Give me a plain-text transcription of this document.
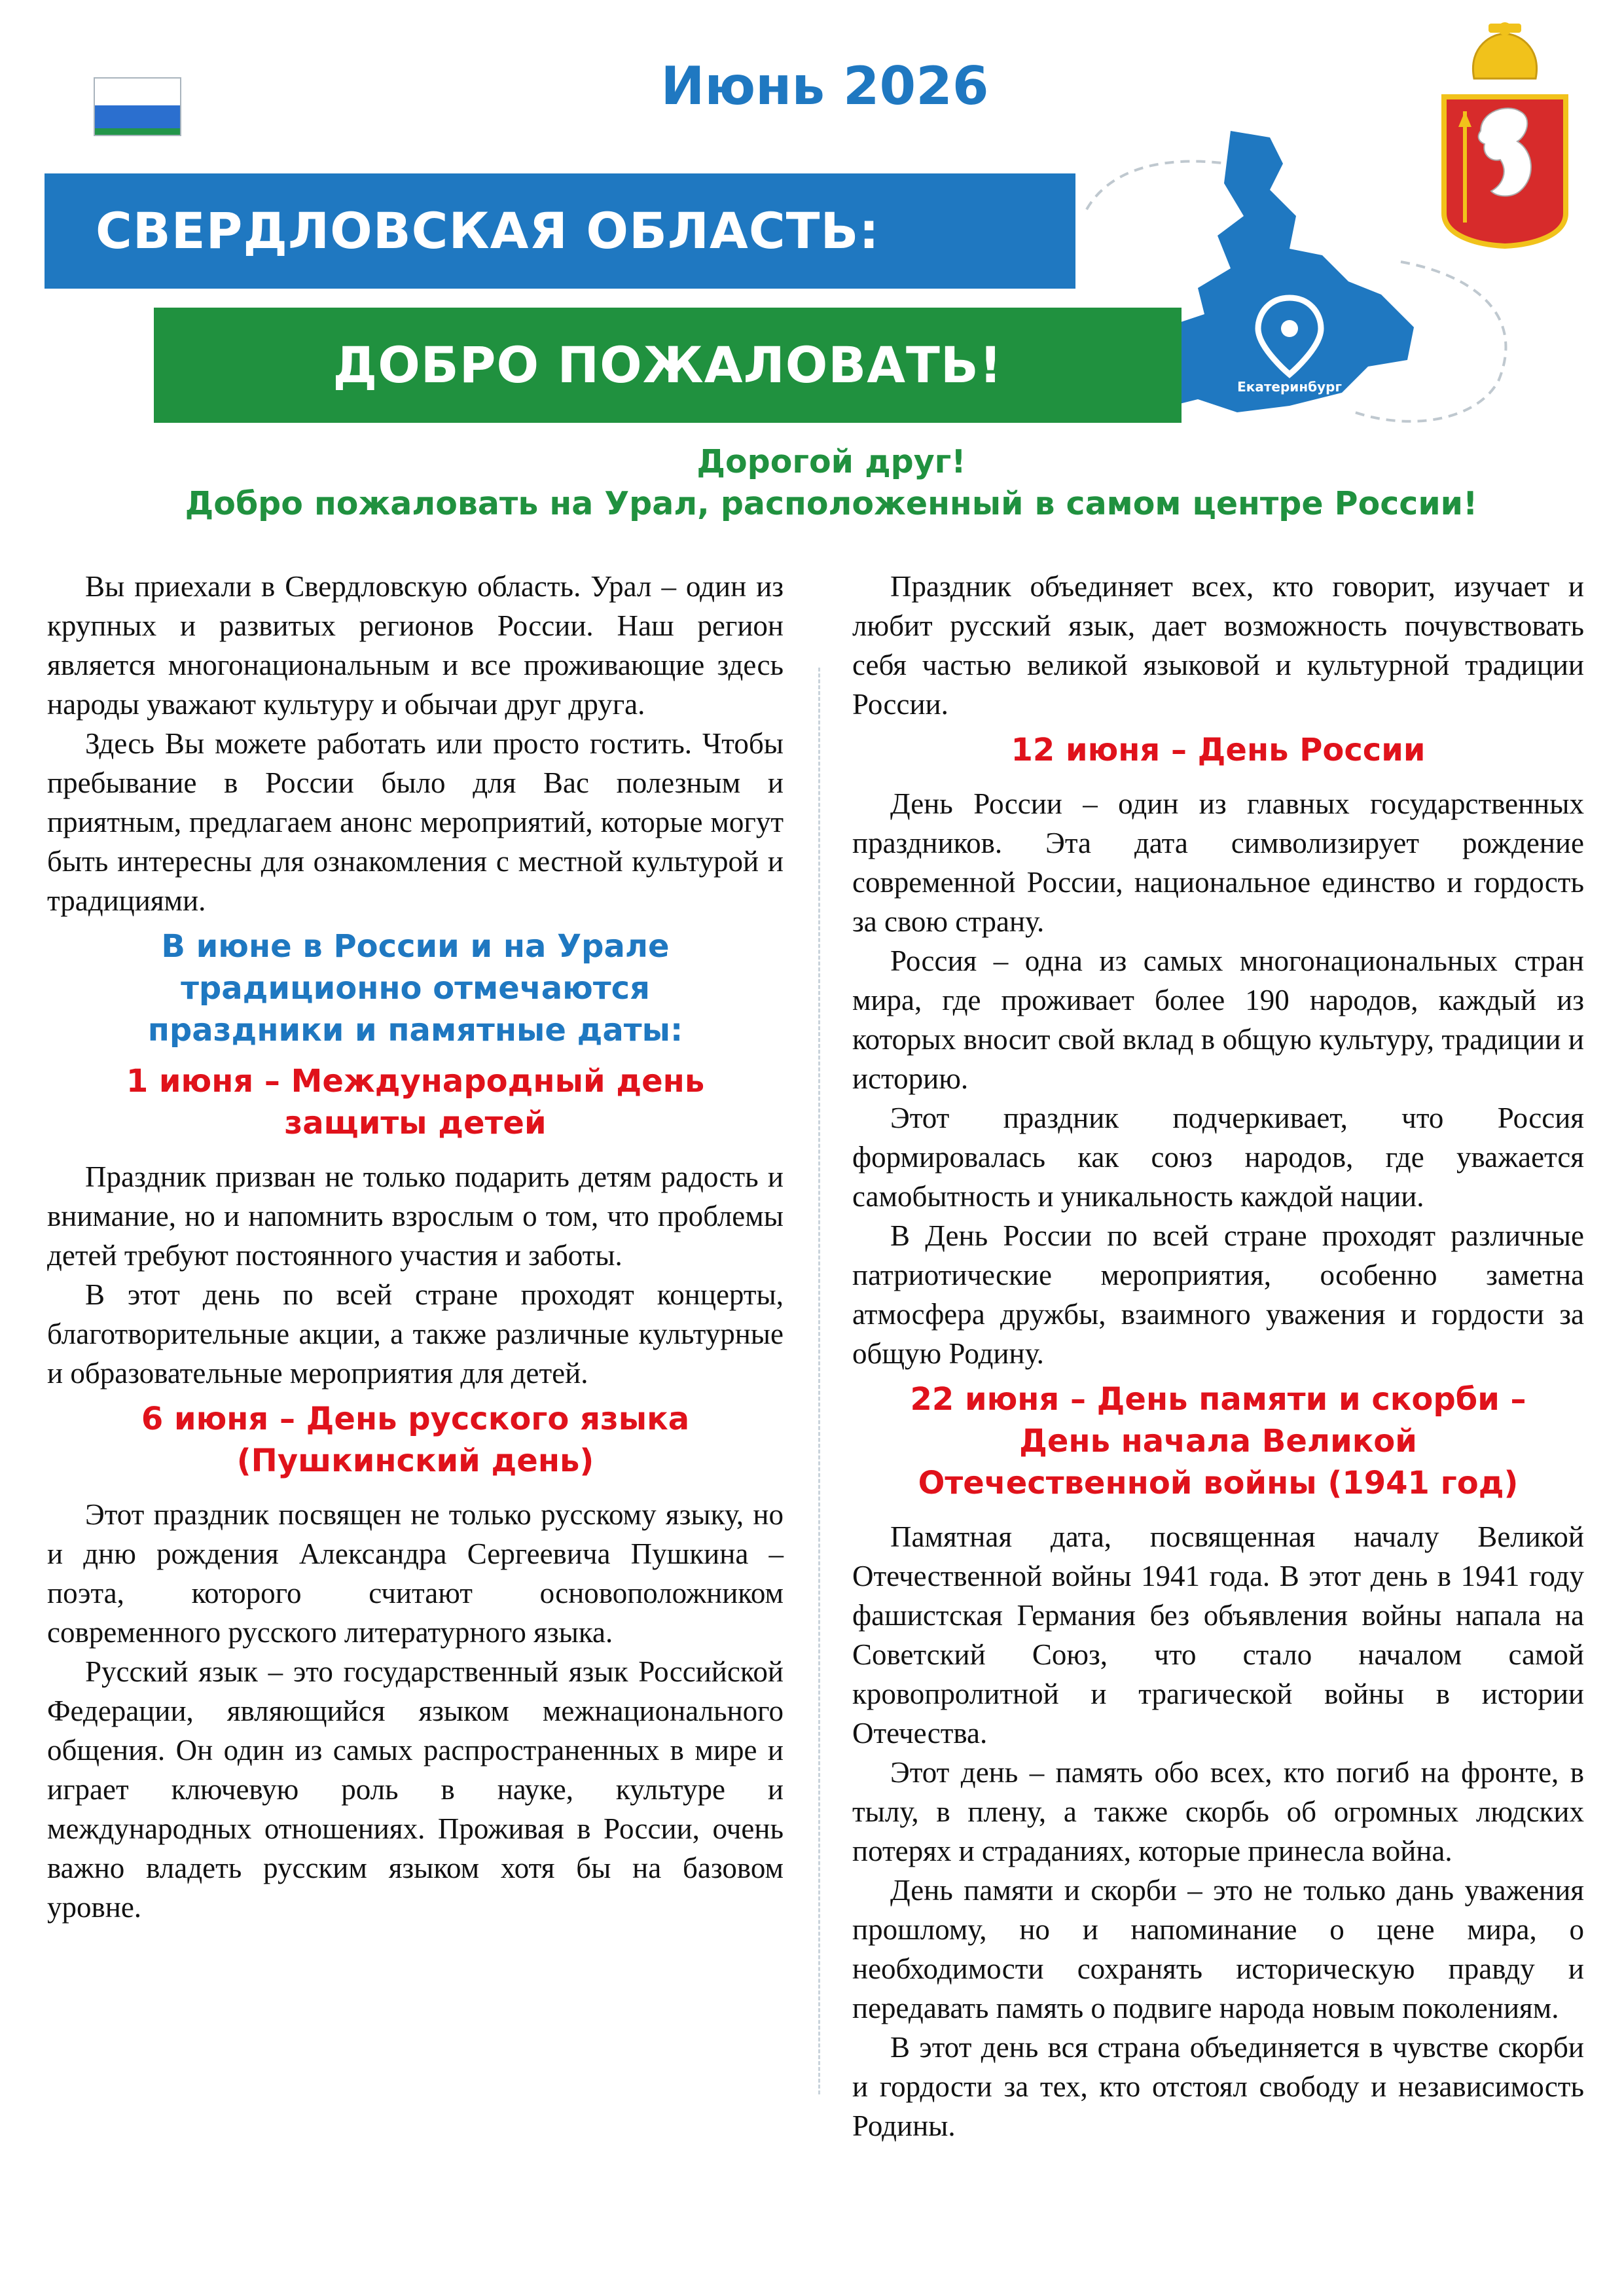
Июнь 2026
Екатеринбург
СВЕРДЛОВСКАЯ ОБЛАСТЬ:
ДОБРО ПОЖАЛОВАТЬ!
Дорогой друг!
Добро пожаловать на Урал, расположенный в самом центре России!

Вы приехали в Свердловскую область. Урал – один из крупных и развитых регионов России. Наш регион является многонациональным и все проживающие здесь народы уважают культуру и обычаи друг друга.

Здесь Вы можете работать или просто гостить. Чтобы пребывание в России было для Вас полезным и приятным, предлагаем анонс мероприятий, которые могут быть интересны для ознакомления с местной культурой и традициями.

В июне в России и на Урале
традиционно отмечаются
праздники и памятные даты:
1 июня – Международный день
защиты детей

Праздник призван не только подарить детям радость и внимание, но и напомнить взрослым о том, что проблемы детей требуют постоянного участия и заботы.

В этот день по всей стране проходят концерты, благотворительные акции, а также различные культурные и образовательные мероприятия для детей.

6 июня – День русского языка
(Пушкинский день)

Этот праздник посвящен не только русскому языку, но и дню рождения Александра Сергеевича Пушкина – поэта, которого считают основоположником современного русского литературного языка.

Русский язык – это государственный язык Российской Федерации, являющийся языком межнационального общения. Он один из самых распространенных в мире и играет ключевую роль в науке, культуре и международных отношениях. Проживая в России, очень важно владеть русским языком хотя бы на базовом уровне.

Праздник объединяет всех, кто говорит, изучает и любит русский язык, дает возможность почувствовать себя частью великой языковой и культурной традиции России.

12 июня – День России

День России – один из главных государственных праздников. Эта дата символизирует рождение современной России, национальное единство и гордость за свою страну.

Россия – одна из самых многонациональных стран мира, где проживает более 190 народов, каждый из которых вносит свой вклад в общую культуру, традиции и историю.

Этот праздник подчеркивает, что Россия формировалась как союз народов, где уважается самобытность и уникальность каждой нации.

В День России по всей стране проходят различные патриотические мероприятия, особенно заметна атмосфера дружбы, взаимного уважения и гордости за общую Родину.

22 июня – День памяти и скорби –
День начала Великой
Отечественной войны (1941 год)

Памятная дата, посвященная началу Великой Отечественной войны 1941 года. В этот день в 1941 году фашистская Германия без объявления войны напала на Советский Союз, что стало началом самой кровопролитной и трагической войны в истории Отечества.

Этот день – память обо всех, кто погиб на фронте, в тылу, в плену, а также скорбь об огромных людских потерях и страданиях, которые принесла война.

День памяти и скорби – это не только дань уважения прошлому, но и напоминание о цене мира, о необходимости сохранять историческую правду и передавать память о подвиге народа новым поколениям.

В этот день вся страна объединяется в чувстве скорби и гордости за тех, кто отстоял свободу и независимость Родины.
